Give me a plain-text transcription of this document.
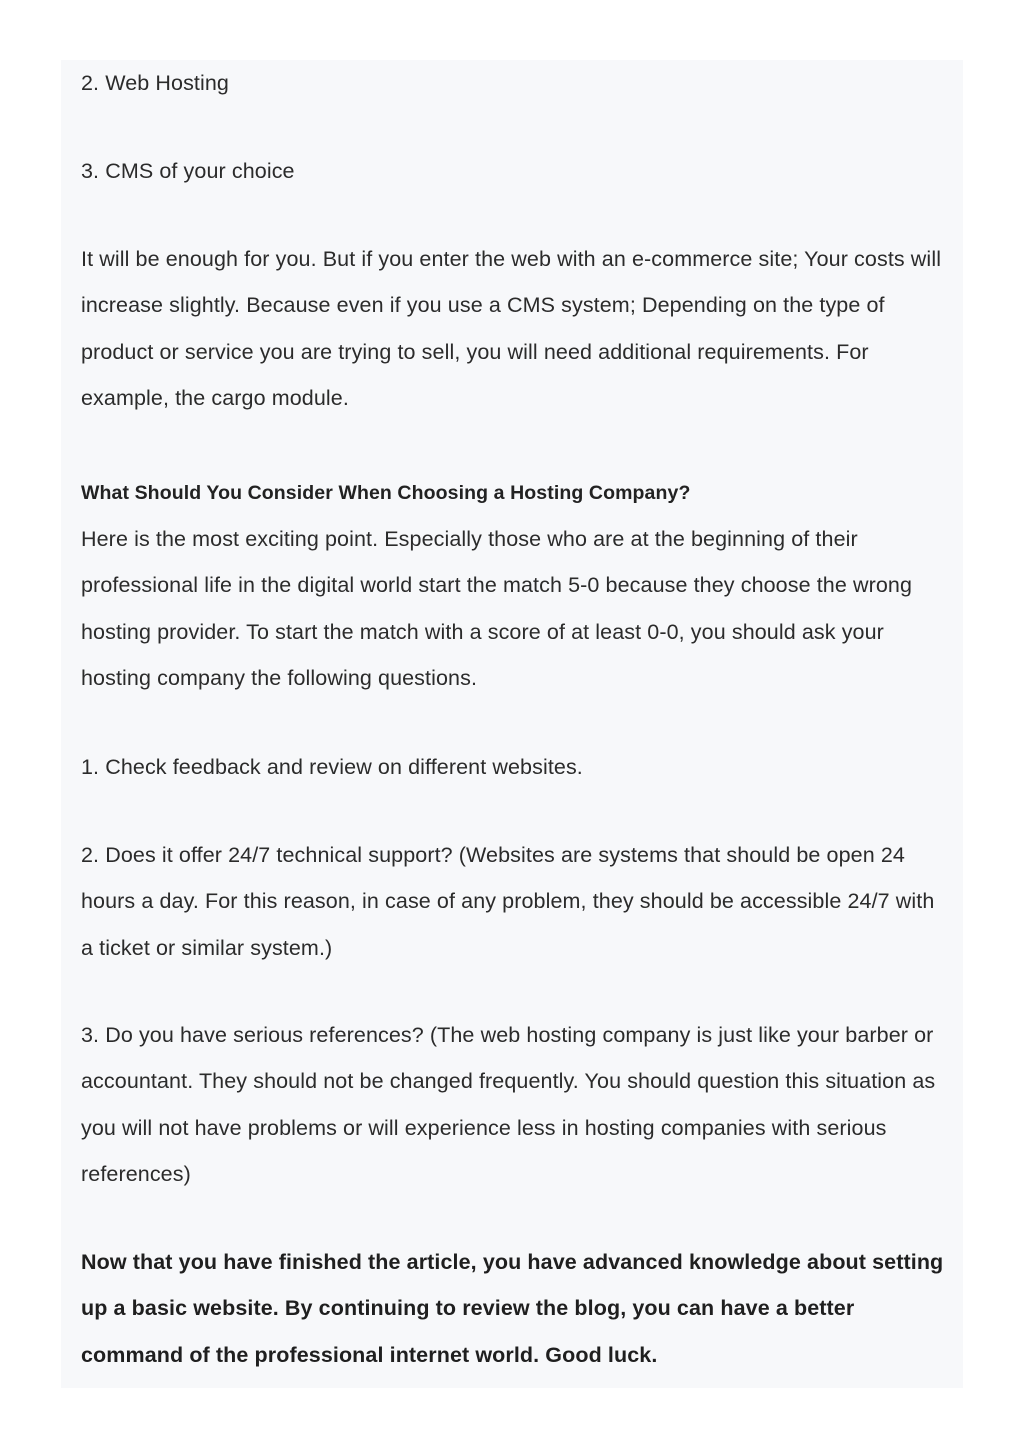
2. Web Hosting
3. CMS of your choice

It will be enough for you. But if you enter the web with an e-commerce site; Your costs will increase slightly. Because even if you use a CMS system; Depending on the type of product or service you are trying to sell, you will need additional requirements. For example, the cargo module.

What Should You Consider When Choosing a Hosting Company?

Here is the most exciting point. Especially those who are at the beginning of their professional life in the digital world start the match 5-0 because they choose the wrong hosting provider. To start the match with a score of at least 0-0, you should ask your hosting company the following questions.

1. Check feedback and review on different websites.

2. Does it offer 24/7 technical support? (Websites are systems that should be open 24 hours a day. For this reason, in case of any problem, they should be accessible 24/7 with a ticket or similar system.)

3. Do you have serious references? (The web hosting company is just like your barber or accountant. They should not be changed frequently. You should question this situation as you will not have problems or will experience less in hosting companies with serious references)

Now that you have finished the article, you have advanced knowledge about setting up a basic website. By continuing to review the blog, you can have a better command of the professional internet world. Good luck.
